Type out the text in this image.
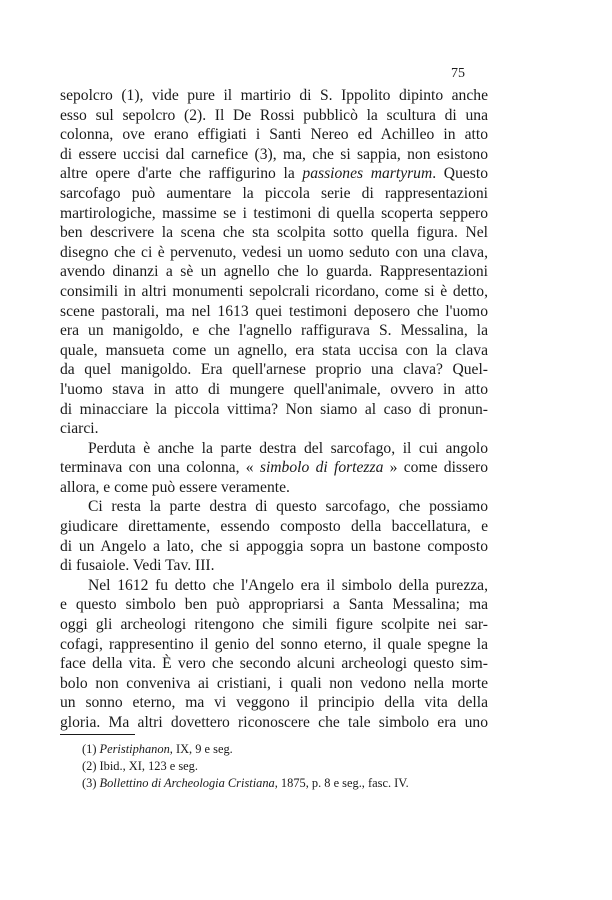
75
sepolcro (1), vide pure il martirio di S. Ippolito dipinto anche
esso sul sepolcro (2). Il De Rossi pubblicò la scultura di una
colonna, ove erano effigiati i Santi Nereo ed Achilleo in atto
di essere uccisi dal carnefice (3), ma, che si sappia, non esistono
altre opere d'arte che raffigurino la passiones martyrum. Questo
sarcofago può aumentare la piccola serie di rappresentazioni
martirologiche, massime se i testimoni di quella scoperta seppero
ben descrivere la scena che sta scolpita sotto quella figura. Nel
disegno che ci è pervenuto, vedesi un uomo seduto con una clava,
avendo dinanzi a sè un agnello che lo guarda. Rappresentazioni
consimili in altri monumenti sepolcrali ricordano, come si è detto,
scene pastorali, ma nel 1613 quei testimoni deposero che l'uomo
era un manigoldo, e che l'agnello raffigurava S. Messalina, la
quale, mansueta come un agnello, era stata uccisa con la clava
da quel manigoldo. Era quell'arnese proprio una clava? Quel-
l'uomo stava in atto di mungere quell'animale, ovvero in atto
di minacciare la piccola vittima? Non siamo al caso di pronun-
ciarci.
Perduta è anche la parte destra del sarcofago, il cui angolo
terminava con una colonna, « simbolo di fortezza » come dissero
allora, e come può essere veramente.
Ci resta la parte destra di questo sarcofago, che possiamo
giudicare direttamente, essendo composto della baccellatura, e
di un Angelo a lato, che si appoggia sopra un bastone composto
di fusaiole. Vedi Tav. III.
Nel 1612 fu detto che l'Angelo era il simbolo della purezza,
e questo simbolo ben può appropriarsi a Santa Messalina; ma
oggi gli archeologi ritengono che simili figure scolpite nei sar-
cofagi, rappresentino il genio del sonno eterno, il quale spegne la
face della vita. È vero che secondo alcuni archeologi questo sim-
bolo non conveniva ai cristiani, i quali non vedono nella morte
un sonno eterno, ma vi veggono il principio della vita della
gloria. Ma altri dovettero riconoscere che tale simbolo era uno
(1) Peristiphanon, IX, 9 e seg.
(2) Ibid., XI, 123 e seg.
(3) Bollettino di Archeologia Cristiana, 1875, p. 8 e seg., fasc. IV.
